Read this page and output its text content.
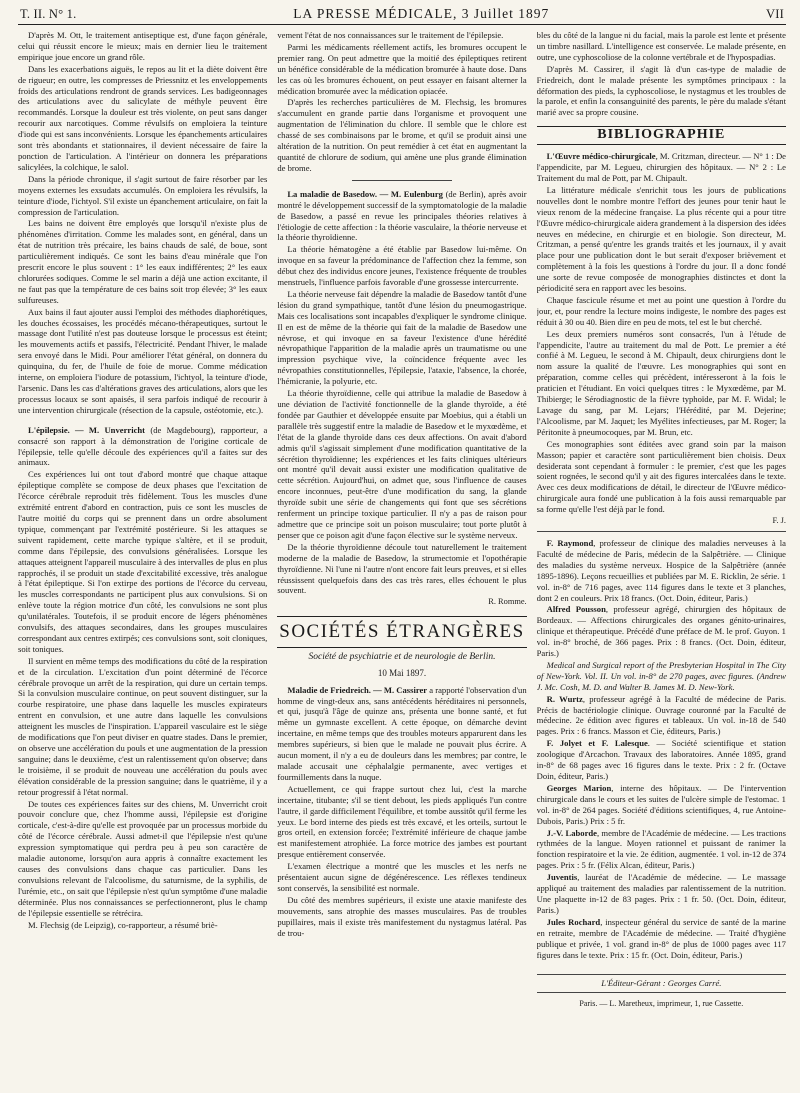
T. II. N° 1.	LA PRESSE MÉDICALE, 3 Juillet 1897	VII

D'après M. Ott, le traitement antiseptique est, d'une façon générale, celui qui réussit encore le mieux; mais en dernier lieu le traitement empirique joue encore un grand rôle.

Dans les exacerbations aiguës, le repos au lit et la diète doivent être de rigueur; en outre, les compresses de Priessnitz et les enveloppements froids des articulations rendront de grands services. Les badigeonnages des articulations avec du salicylate de méthyle peuvent être recommandés. Lorsque la douleur est très violente, on peut sans danger recourir aux narcotiques. Comme révulsifs on emploiera la teinture d'iode qui est sans inconvénients. Lorsque les épanchements articulaires sont très abondants et stationnaires, il devient nécessaire de faire la ponction de l'articulation. A l'intérieur on donnera les préparations salicylées, la colchique, le salol.

Dans la période chronique, il s'agit surtout de faire résorber par les moyens externes les exsudats accumulés. On emploiera les révulsifs, la teinture d'iode, l'ichtyol. S'il existe un épanchement articulaire, on fait la compression de l'articulation.

Les bains ne doivent être employés que lorsqu'il n'existe plus de phénomènes d'irritation. Comme les malades sont, en général, dans un état de nutrition très précaire, les bains chauds de salé, de boue, sont particulièrement indiqués. Ce sont les bains d'eau minérale que l'on prescrit encore le plus souvent : 1° les eaux indifférentes; 2° les eaux chlorurées sodiques. Comme le sel marin a déjà une action excitante, il ne faut pas que la température de ces bains soit trop élevée; 3° les eaux sulfureuses.

Aux bains il faut ajouter aussi l'emploi des méthodes diaphorétiques, les douches écossaises, les procédés mécano-thérapeutiques, surtout le massage dont l'utilité n'est pas douteuse lorsque le processus est éteint; les mouvements actifs et passifs, l'électricité. Pendant l'hiver, le malade sera envoyé dans le Midi. Pour améliorer l'état général, on donnera du quinquina, du fer, de l'huile de foie de morue. Comme médication interne, on emploiera l'iodure de potassium, l'ichtyol, la teinture d'iode, l'arsenic. Dans les cas d'altérations graves des articulations, alors que les processus locaux se sont apaisés, il sera parfois indiqué de recourir à une intervention chirurgicale (résection de la capsule, ostéotomie, etc.).

L'épilepsie. — M. Unverricht (de Magdebourg), rapporteur, a consacré son rapport à la démonstration de l'origine corticale de l'épilepsie, telle qu'elle découle des expériences qu'il a faites sur des animaux.

Ces expériences lui ont tout d'abord montré que chaque attaque épileptique complète se compose de deux phases que l'excitation de l'écorce cérébrale reproduit très fidèlement. Tous les muscles d'une extrémité entrent d'abord en contraction, puis ce sont les muscles de l'autre moitié du corps qui se prennent dans un ordre absolument typique, commençant par l'extrémité postérieure. Si les attaques se suivent rapidement, cette marche typique s'altère, et il se produit, comme dans l'épilepsie, des convulsions généralisées. Lorsque les attaques atteignent l'appareil musculaire à des intervalles de plus en plus rapprochés, il se produit un stade d'excitabilité excessive, très analogue à l'état épileptique. Si l'on extirpe des portions de l'écorce du cerveau, les muscles correspondants ne participent plus aux convulsions. Si on enlève toute la région motrice d'un côté, les convulsions ne sont plus qu'unilatérales. Toutefois, il se produit encore de légers phénomènes convulsifs, des attaques secondaires, dans les groupes musculaires correspondant aux centres extirpés; ces convulsions sont, soit cloniques, soit toniques.

Il survient en même temps des modifications du côté de la respiration et de la circulation. L'excitation d'un point déterminé de l'écorce cérébrale provoque un arrêt de la respiration, qui dure un certain temps. Si la convulsion musculaire continue, on peut souvent distinguer, sur la courbe respiratoire, une phase dans laquelle les muscles expirateurs entrent en convulsion, et une autre dans laquelle les convulsions atteignent les muscles de l'inspiration. L'appareil vasculaire est le siège de modifications que l'on peut diviser en quatre stades. Dans le premier, on observe une accélération du pouls et une augmentation de la pression sanguine; dans le deuxième, c'est un ralentissement qu'on observe; dans le troisième, il se produit de nouveau une accélération du pouls avec élévation considérable de la pression sanguine; dans le quatrième, il y a retour progressif à l'état normal.

De toutes ces expériences faites sur des chiens, M. Unverricht croit pouvoir conclure que, chez l'homme aussi, l'épilepsie est d'origine corticale, c'est-à-dire qu'elle est provoquée par un processus morbide du côté de l'écorce cérébrale. Aussi admet-il que l'épilepsie n'est qu'une expression symptomatique qui perdra peu à peu son caractère de maladie autonome, lorsqu'on aura appris à connaître exactement les causes des convulsions dans chaque cas particulier. Dans les convulsions relevant de l'alcoolisme, du saturnisme, de la syphilis, de l'urémie, etc., on sait que l'épilepsie n'est qu'un symptôme d'une maladie déterminée. Plus nos connaissances se perfectionneront, plus le champ de l'épilepsie essentielle se rétrécira.

M. Flechsig (de Leipzig), co-rapporteur, a résumé briè-

vement l'état de nos connaissances sur le traitement de l'épilepsie.

Parmi les médicaments réellement actifs, les bromures occupent le premier rang. On peut admettre que la moitié des épileptiques retirent un bénéfice considérable de la médication bromurée à haute dose. Dans les cas où les bromures échouent, on peut essayer en faisant alterner la médication bromurée avec la médication opiacée.

D'après les recherches particulières de M. Flechsig, les bromures s'accumulent en grande partie dans l'organisme et provoquent une augmentation de l'élimination du chlore. Il semble que le chlore est chassé de ses combinaisons par le brome, et qu'il se produit ainsi une altération de la nutrition. On peut remédier à cet état en augmentant la quantité de chlorure de sodium, qui amène une plus grande élimination de brome.

La maladie de Basedow. — M. Eulenburg (de Berlin), après avoir montré le développement successif de la symptomatologie de la maladie de Basedow, a passé en revue les principales théories relatives à l'étiologie de cette affection : la théorie vasculaire, la théorie nerveuse et la théorie thyroïdienne.

La théorie hématogène a été établie par Basedow lui-même. On invoque en sa faveur la prédominance de l'affection chez la femme, son début chez des individus encore jeunes, l'existence fréquente de troubles menstruels, l'influence parfois favorable d'une grossesse intercurrente.

La théorie nerveuse fait dépendre la maladie de Basedow tantôt d'une lésion du grand sympathique, tantôt d'une lésion du pneumogastrique. Mais ces localisations sont incapables d'expliquer le syndrome clinique. Il en est de même de la théorie qui fait de la maladie de Basedow une névrose, et qui invoque en sa faveur l'existence d'une hérédité névropathique l'apparition de la maladie après un traumatisme ou une impression psychique vive, la coïncidence fréquente avec les névropathies constitutionnelles, l'épilepsie, l'ataxie, l'absence, la chorée, l'hémicranie, la polyurie, etc.

La théorie thyroïdienne, celle qui attribue la maladie de Basedow à une déviation de l'activité fonctionnelle de la glande thyroïde, a été fondée par Gauthier et développée ensuite par Moebius, qui a établi un parallèle très suggestif entre la maladie de Basedow et le myxœdème, et l'état de la glande thyroïde dans ces deux affections. On avait d'abord admis qu'il s'agissait simplement d'une modification quantitative de la sécrétion thyroïdienne; les expériences et les faits cliniques ultérieurs ont montré qu'il devait aussi exister une modification qualitative de cette sécrétion. Aujourd'hui, on admet que, sous l'influence de causes encore inconnues, peut-être d'une modification du sang, la glande thyroïde subit une série de changements qui font que ses sécrétions renferment un principe toxique particulier. Il n'y a pas de raison pour admettre que ce principe soit un poison musculaire; tout porte plutôt à penser que ce poison agit d'une façon élective sur le système nerveux.

De la théorie thyroïdienne découle tout naturellement le traitement moderne de la maladie de Basedow, la strumectomie et l'opothérapie thyroïdienne. Ni l'une ni l'autre n'ont encore fait leurs preuves, et si elles réussissent quelquefois dans des cas très rares, elles échouent le plus souvent.

R. Romme.
SOCIÉTÉS ÉTRANGÈRES
Société de psychiatrie et de neurologie de Berlin.
10 Mai 1897.

Maladie de Friedreich. — M. Cassirer a rapporté l'observation d'un homme de vingt-deux ans, sans antécédents héréditaires ni personnels, et qui, jusqu'à l'âge de quinze ans, présenta une bonne santé, et fut même un gymnaste excellent. A cette époque, on démarche devint incertaine, en même temps que des troubles moteurs apparurent dans les membres supérieurs, si bien que le malade ne pouvait plus écrire. A aucun moment, il n'y a eu de douleurs dans les membres; par contre, le malade accusait une céphalalgie permanente, avec vertiges et fourmillements dans la nuque.

Actuellement, ce qui frappe surtout chez lui, c'est la marche incertaine, titubante; s'il se tient debout, les pieds appliqués l'un contre l'autre, il garde difficilement l'équilibre, et tombe aussitôt qu'il ferme les yeux. Le bord interne des pieds est très excavé, et les orteils, surtout le gros orteil, en extension forcée; l'extrémité inférieure de chaque jambe est manifestement atrophiée. La force motrice des jambes est pourtant presque entièrement conservée.

L'examen électrique a montré que les muscles et les nerfs ne présentaient aucun signe de dégénérescence. Les réflexes tendineux sont conservés, la sensibilité est normale.

Du côté des membres supérieurs, il existe une ataxie manifeste des mouvements, sans atrophie des masses musculaires. Pas de troubles pupillaires, mais il existe très manifestement du nystagmus latéral. Pas de trou-

bles du côté de la langue ni du facial, mais la parole est lente et présente un timbre nasillard. L'intelligence est conservée. Le malade présente, en outre, une cyphoscoliose de la colonne vertébrale et de l'hypospadias.

D'après M. Cassirer, il s'agit là d'un cas-type de maladie de Friedreich, dont le malade présente les symptômes principaux : la déformation des pieds, la cyphoscoliose, le nystagmus et les troubles de la parole, et enfin la consanguinité des parents, le père du malade s'étant marié avec sa propre cousine.

BIBLIOGRAPHIE

L'Œuvre médico-chirurgicale, M. Critzman, directeur. — N° 1 : De l'appendicite, par M. Legueu, chirurgien des hôpitaux. — N° 2 : Le Traitement du mal de Pott, par M. Chipault.

La littérature médicale s'enrichit tous les jours de publications nouvelles dont le nombre montre l'effort des jeunes pour tenir haut le vieux renom de la médecine française. La plus récente qui a pour titre l'Œuvre médico-chirurgicale aidera grandement à la dispersion des idées neuves en médecine, en chirurgie et en biologie. Son directeur, M. Critzman, a pensé qu'entre les grands traités et les journaux, il y avait place pour une publication dont le but serait d'exposer brièvement et complètement à la fois les questions à l'ordre du jour. Il a donc fondé une sorte de revue composée de monographies distinctes et dont la périodicité sera en rapport avec les besoins.

Chaque fascicule résume et met au point une question à l'ordre du jour, et, pour rendre la lecture moins indigeste, le nombre des pages est réduit à 30 ou 40. Bien dire en peu de mots, tel est le but cherché.

Les deux premiers numéros sont consacrés, l'un à l'étude de l'appendicite, l'autre au traitement du mal de Pott. Le premier a été confié à M. Legueu, le second à M. Chipault, deux chirurgiens dont le nom assure la qualité de l'œuvre. Les monographies qui sont en préparation, comme celles qui précèdent, intéresseront à la fois le praticien et l'étudiant. En voici quelques titres : le Myxœdème, par M. Thibierge; le Sérodiagnostic de la fièvre typhoïde, par M. F. Widal; le Lavage du sang, par M. Lejars; l'Hérédité, par M. Dejerine; l'Alcoolisme, par M. Jaquet; les Myélites infectieuses, par M. Roger; la Péritonite à pneumocoques, par M. Brun, etc.

Ces monographies sont éditées avec grand soin par la maison Masson; papier et caractère sont particulièrement bien choisis. Deux desiderata sont cependant à formuler : le premier, c'est que les pages soient rognées, le second qu'il y ait des figures intercalées dans le texte. Avec ces deux modifications de détail, le directeur de l'Œuvre médico-chirurgicale aura fondé une publication à la fois aussi remarquable par sa forme qu'elle l'est déjà par le fond.

F. J.

F. Raymond, professeur de clinique des maladies nerveuses à la Faculté de médecine de Paris, médecin de la Salpêtrière. — Clinique des maladies du système nerveux. Hospice de la Salpêtrière (année 1895-1896). Leçons recueillies et publiées par M. E. Ricklin, 2e série. 1 vol. in-8° de 716 pages, avec 114 figures dans le texte et 3 planches, dont 2 en couleurs. Prix 18 francs. (Oct. Doin, éditeur, Paris.)

Alfred Pousson, professeur agrégé, chirurgien des hôpitaux de Bordeaux. — Affections chirurgicales des organes génito-urinaires, clinique et thérapeutique. Précédé d'une préface de M. le prof. Guyon. 1 vol. in-8° broché, de 366 pages. Prix : 8 francs. (Oct. Doin, éditeur, Paris.)

Medical and Surgical report of the Presbyterian Hospital in The City of New-York. Vol. II. Un vol. in-8° de 270 pages, avec figures. (Andrew J. Mc. Cosh, M. D. and Walter B. James M. D. New-York.

R. Wurtz, professeur agrégé à la Faculté de médecine de Paris. Précis de bactériologie clinique. Ouvrage couronné par la Faculté de médecine. 2e édition avec figures et tableaux. Un vol. in-18 de 540 pages. Prix : 6 francs. Masson et Cie, éditeurs, Paris.)

F. Jolyet et F. Lalesque. — Société scientifique et station zoologique d'Arcachon. Travaux des laboratoires. Année 1895, grand in-8° de 68 pages avec 16 figures dans le texte. Prix : 2 fr. (Octave Doin, éditeur, Paris.)

Georges Marion, interne des hôpitaux. — De l'intervention chirurgicale dans le cours et les suites de l'ulcère simple de l'estomac. 1 vol. in-8° de 264 pages. Société d'éditions scientifiques, 4, rue Antoine-Dubois, Paris.) Prix : 5 fr.

J.-V. Laborde, membre de l'Académie de médecine. — Les tractions rythmées de la langue. Moyen rationnel et puissant de ranimer la fonction respiratoire et la vie. 2e édition, augmentée. 1 vol. in-12 de 374 pages. Prix : 5 fr. (Félix Alcan, éditeur, Paris.)

Juventis, lauréat de l'Académie de médecine. — Le massage appliqué au traitement des maladies par ralentissement de la nutrition. Une plaquette in-12 de 83 pages. Prix : 1 fr. 50. (Oct. Doin, éditeur, Paris.)

Jules Rochard, inspecteur général du service de santé de la marine en retraite, membre de l'Académie de médecine. — Traité d'hygiène publique et privée, 1 vol. grand in-8° de plus de 1000 pages avec 117 figures dans le texte. Prix : 15 fr. (Oct. Doin, éditeur, Paris.)

L'Éditeur-Gérant : Georges Carré.
Paris. — L. Maretheux, imprimeur, 1, rue Cassette.
